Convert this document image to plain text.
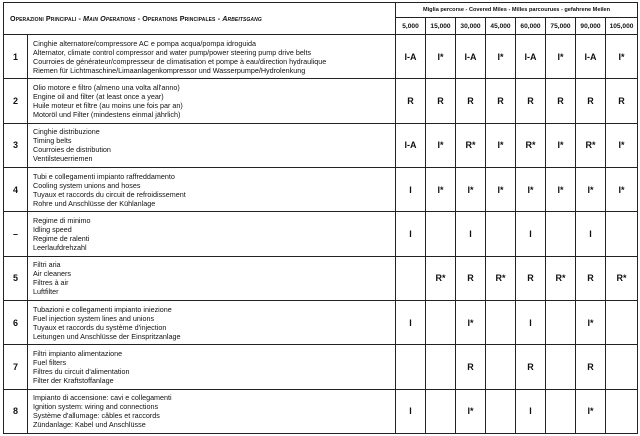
Operazioni Principali - Main Operations - Operations Principales - Arbeitsgang		Miglia percorse - Covered Miles - Milles parcourues - gefahrene Meilen							
		5,000	15,000	30,000	45,000	60,000	75,000	90,000	105,000
1	Cinghie alternatore/compressore AC e pompa acqua/pompa idroguida
Alternator, climate control compressor and water pump/power steering pump drive belts
Courroies de générateur/compresseur de climatisation et pompe à eau/direction hydraulique
Riemen für Lichtmaschine/Limaanlagenkompressor und Wasserpumpe/Hydrolenkung	I-A	I*	I-A	I*	I-A	I*	I-A	I*
2	Olio motore e filtro (almeno una volta all'anno)
Engine oil and filter (at least once a year)
Huile moteur et filtre (au moins une fois par an)
Motoröl und Filter (mindestens einmal jährlich)	R	R	R	R	R	R	R	R
3	Cinghie distribuzione
Timing belts
Courroies de distribution
Ventilsteuerriemen	I-A	I*	R*	I*	R*	I*	R*	I*
4	Tubi e collegamenti impianto raffreddamento
Cooling system unions and hoses
Tuyaux et raccords du circuit de refroidissement
Rohre und Anschlüsse der Kühlanlage	I	I*	I*	I*	I*	I*	I*	I*
–	Regime di minimo
Idling speed
Regime de ralenti
Leerlaufdrehzahl	I		I		I		I	
5	Filtri aria
Air cleaners
Filtres à air
Luftfilter		R*	R	R*	R	R*	R	R*
6	Tubazioni e collegamenti impianto iniezione
Fuel injection system lines and unions
Tuyaux et raccords du système d'injection
Leitungen und Anschlüsse der Einspritzanlage	I		I*		I		I*	
7	Filtri impianto alimentazione
Fuel filters
Filtres du circuit d'alimentation
Filter der Kraftstoffanlage			R		R		R	
8	Impianto di accensione: cavi e collegamenti
Ignition system: wiring and connections
Système d'allumage: câbles et raccords
Zündanlage: Kabel und Anschlüsse	I		I*		I		I*	
